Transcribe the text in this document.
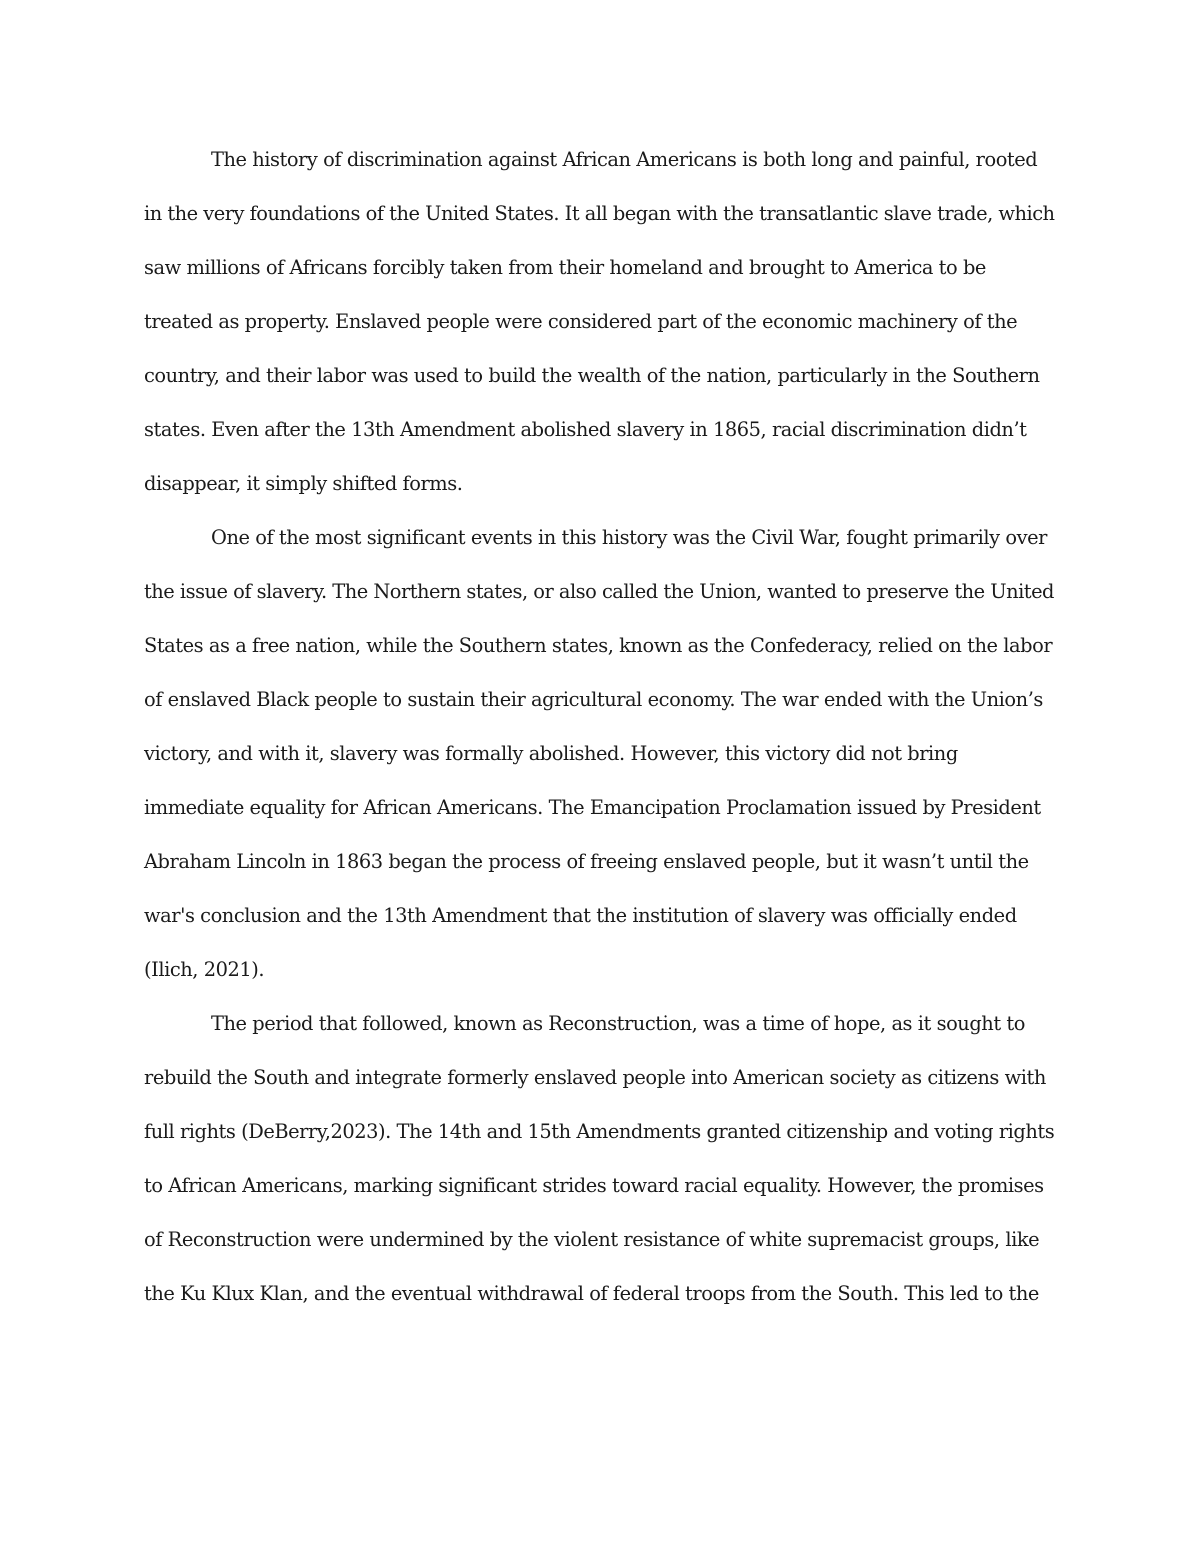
The history of discrimination against African Americans is both long and painful, rooted
in the very foundations of the United States. It all began with the transatlantic slave trade, which
saw millions of Africans forcibly taken from their homeland and brought to America to be
treated as property. Enslaved people were considered part of the economic machinery of the
country, and their labor was used to build the wealth of the nation, particularly in the Southern
states. Even after the 13th Amendment abolished slavery in 1865, racial discrimination didn’t
disappear, it simply shifted forms.
One of the most significant events in this history was the Civil War, fought primarily over
the issue of slavery. The Northern states, or also called the Union, wanted to preserve the United
States as a free nation, while the Southern states, known as the Confederacy, relied on the labor
of enslaved Black people to sustain their agricultural economy. The war ended with the Union’s
victory, and with it, slavery was formally abolished. However, this victory did not bring
immediate equality for African Americans. The Emancipation Proclamation issued by President
Abraham Lincoln in 1863 began the process of freeing enslaved people, but it wasn’t until the
war's conclusion and the 13th Amendment that the institution of slavery was officially ended
(Ilich, 2021).
The period that followed, known as Reconstruction, was a time of hope, as it sought to
rebuild the South and integrate formerly enslaved people into American society as citizens with
full rights (DeBerry,2023). The 14th and 15th Amendments granted citizenship and voting rights
to African Americans, marking significant strides toward racial equality. However, the promises
of Reconstruction were undermined by the violent resistance of white supremacist groups, like
the Ku Klux Klan, and the eventual withdrawal of federal troops from the South. This led to the
